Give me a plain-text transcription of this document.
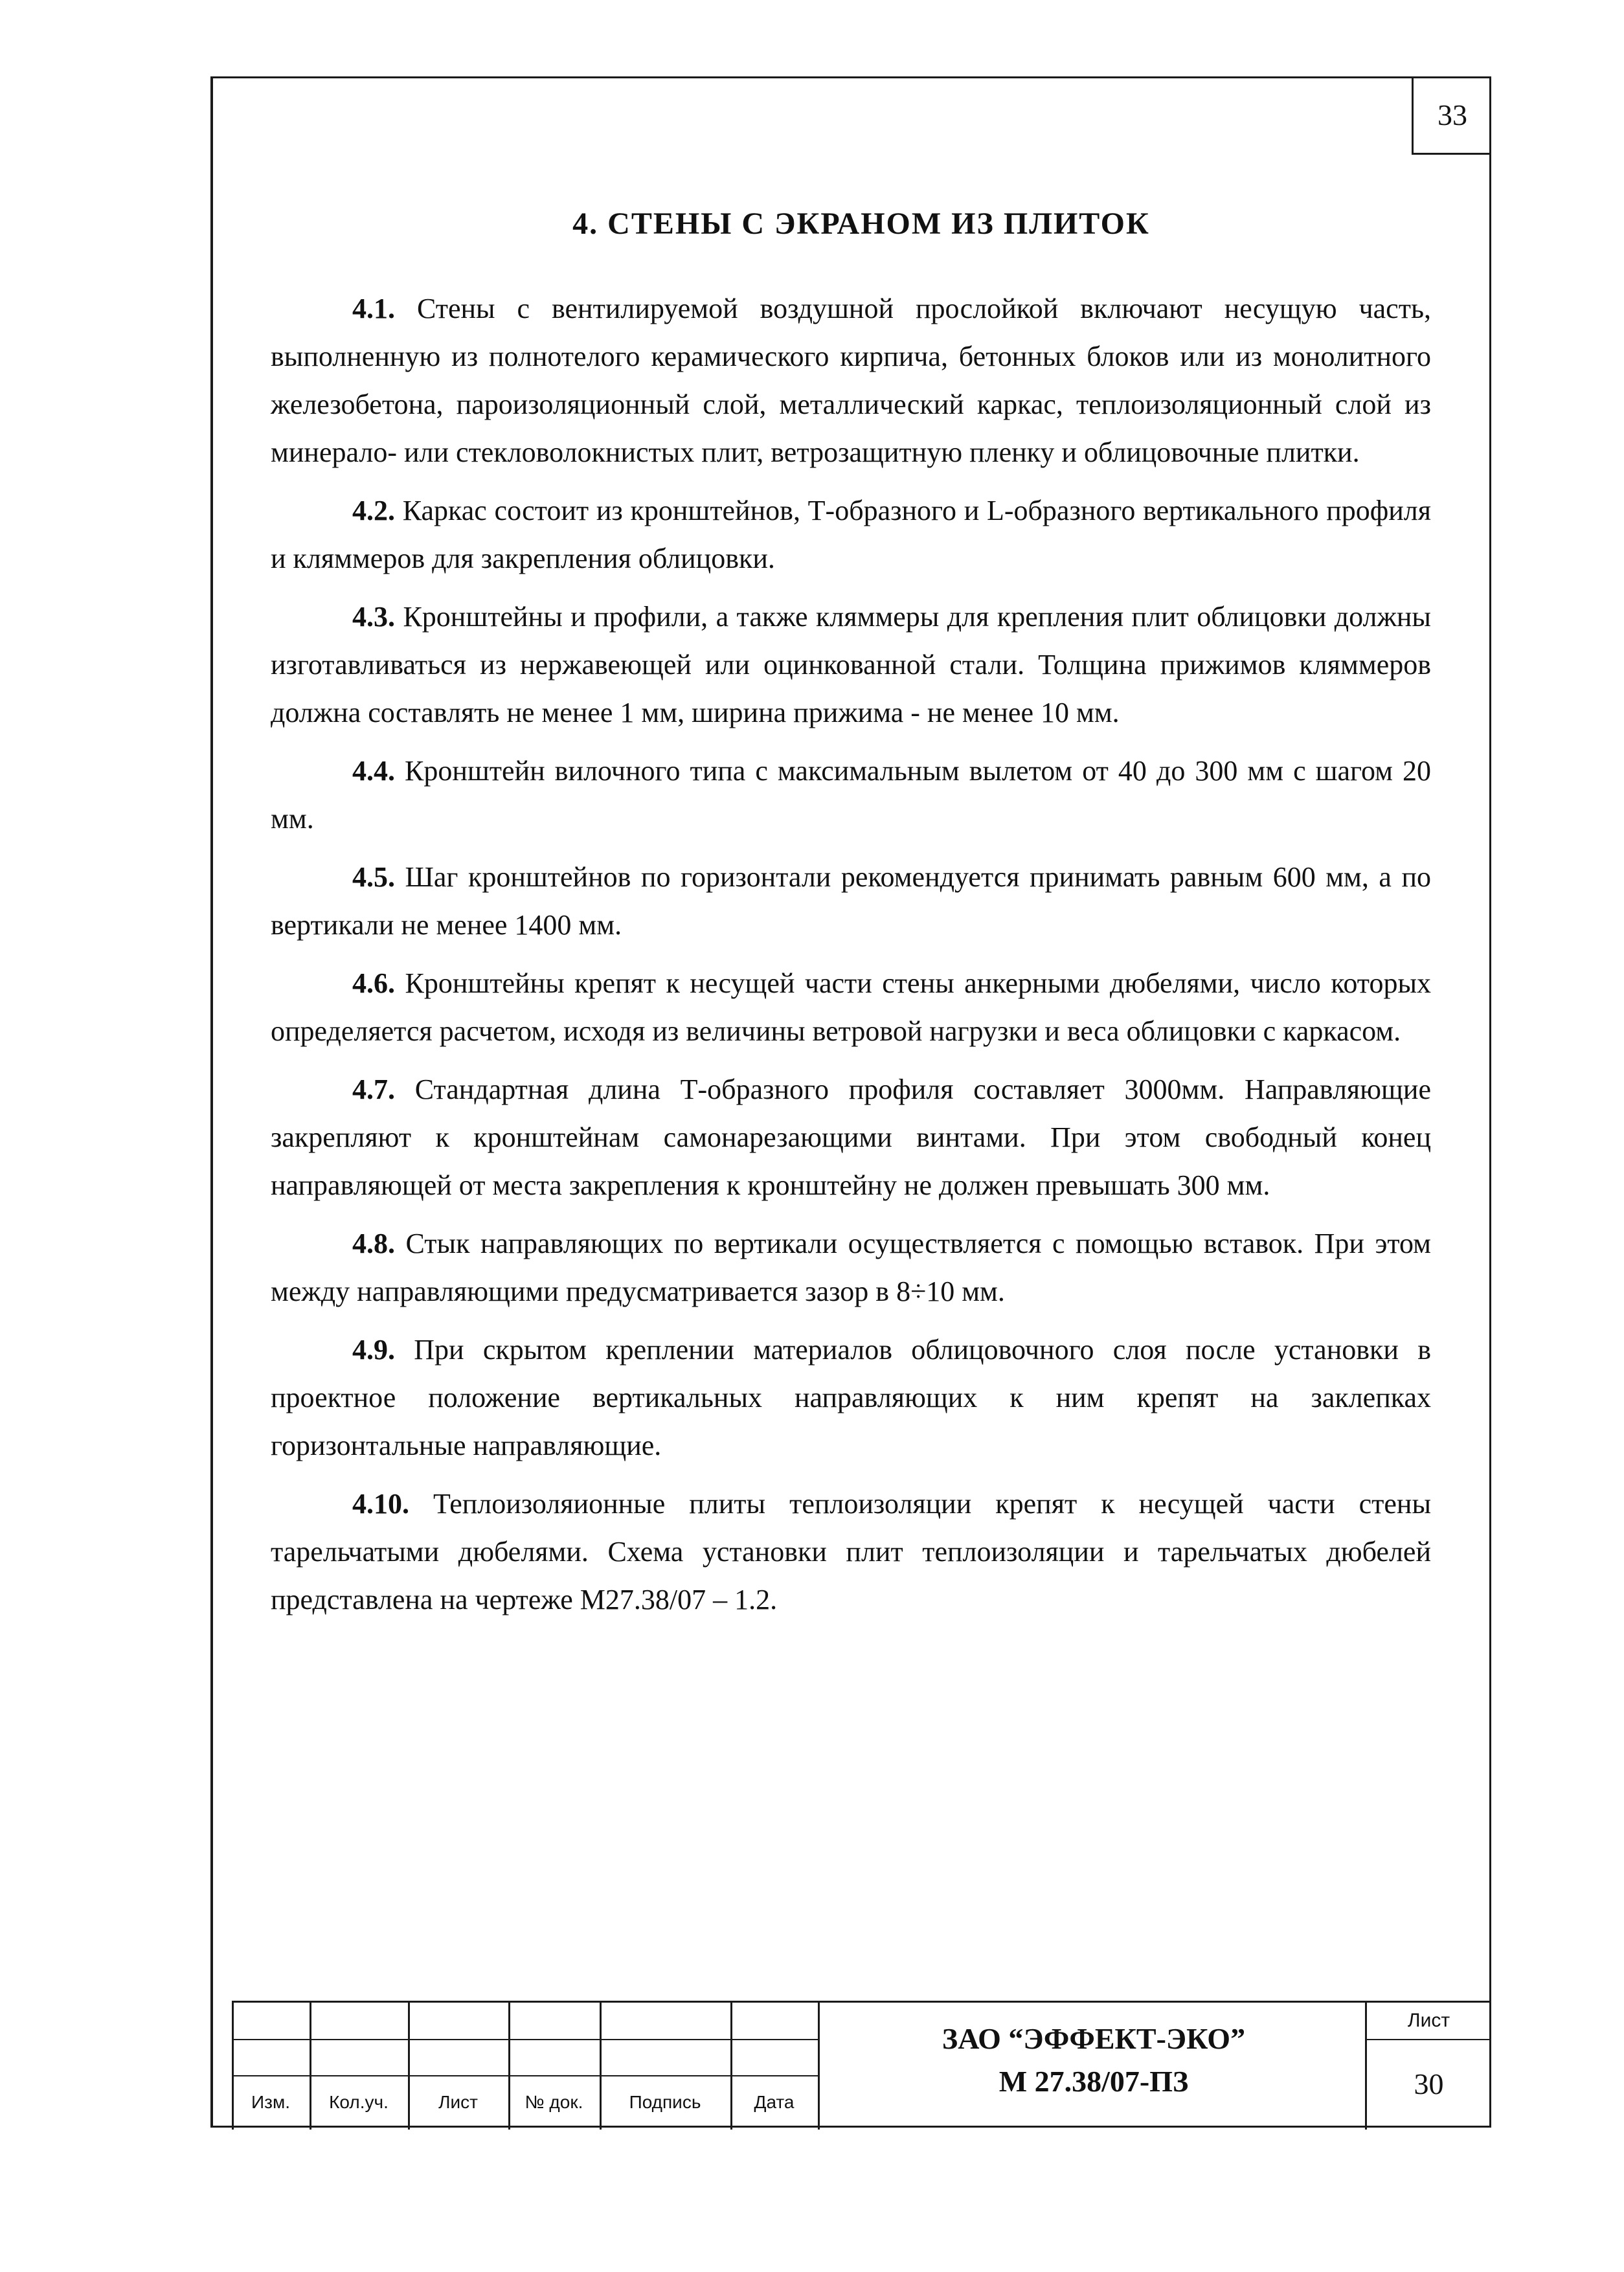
33
4. СТЕНЫ С ЭКРАНОМ ИЗ ПЛИТОК

4.1. Стены с вентилируемой воздушной прослойкой включают несущую часть, выполненную из полнотелого керамического кирпича, бетонных блоков или из монолитного железобетона, пароизоляционный слой, металлический каркас, теплоизоляционный слой из минерало- или стекловолокнистых плит, ветрозащитную пленку и облицовочные плитки.

4.2. Каркас состоит из кронштейнов, Т-образного и L-образного вертикального профиля и кляммеров для закрепления облицовки.

4.3. Кронштейны и профили, а также кляммеры для крепления плит облицовки должны изготавливаться из нержавеющей или оцинкованной стали. Толщина прижимов кляммеров должна составлять не менее 1 мм, ширина прижима - не менее 10 мм.

4.4. Кронштейн вилочного типа с максимальным вылетом от 40 до 300 мм с шагом 20 мм.

4.5. Шаг кронштейнов по горизонтали рекомендуется принимать равным 600 мм, а по вертикали не менее 1400 мм.

4.6. Кронштейны крепят к несущей части стены анкерными дюбелями, число которых определяется расчетом, исходя из величины ветровой нагрузки и веса облицовки с каркасом.

4.7. Стандартная длина Т-образного профиля составляет 3000мм. Направляющие закрепляют к кронштейнам самонарезающими винтами. При этом свободный конец направляющей от места закрепления к кронштейну не должен превышать 300 мм.

4.8. Стык направляющих по вертикали осуществляется с помощью вставок. При этом между направляющими предусматривается зазор в 8÷10 мм.

4.9. При скрытом креплении материалов облицовочного слоя после установки в проектное положение вертикальных направляющих к ним крепят на заклепках горизонтальные направляющие.

4.10. Теплоизоляионные плиты теплоизоляции крепят к несущей части стены тарельчатыми дюбелями. Схема установки плит теплоизоляции и тарельчатых дюбелей представлена на чертеже М27.38/07 – 1.2.

Изм.	Кол.уч.	Лист	№ док.	Подпись	Дата
ЗАО “ЭФФЕКТ-ЭКО”
М 27.38/07-ПЗ
Лист
30
